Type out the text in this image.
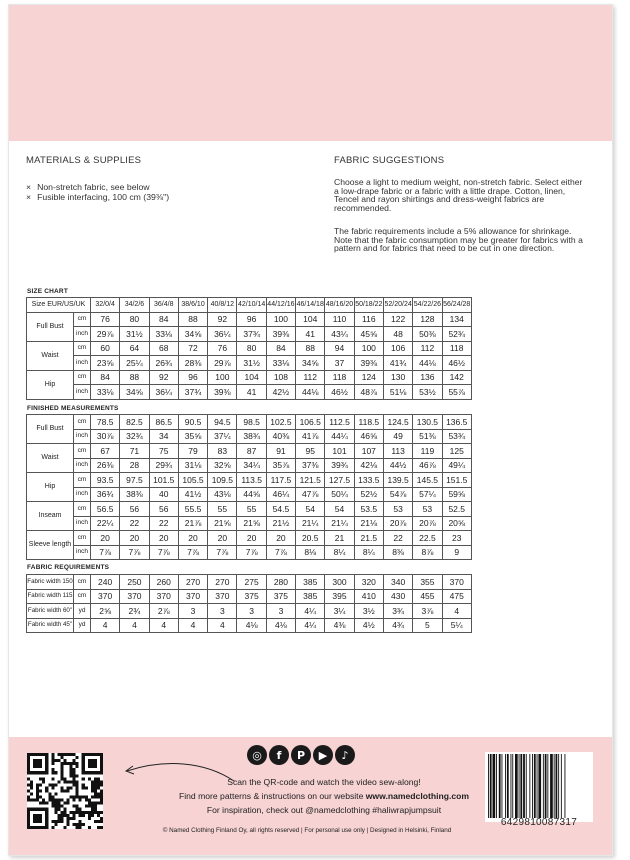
MATERIALS & SUPPLIES
× Non-stretch fabric, see below
× Fusible interfacing, 100 cm (39⅜")
FABRIC SUGGESTIONS

Choose a light to medium weight, non-stretch fabric. Select either a low-drape fabric or a fabric with a little drape. Cotton, linen, Tencel and rayon shirtings and dress-weight fabrics are recommended.

The fabric requirements include a 5% allowance for shrinkage. Note that the fabric consumption may be greater for fabrics with a pattern and for fabrics that need to be cut in one direction.

SIZE CHART
Size EUR/US/UK		32/0/4	34/2/6	36/4/8	38/6/10	40/8/12	42/10/14	44/12/16	46/14/18	48/16/20	50/18/22	52/20/24	54/22/26	56/24/28
Full Bust	cm	76	80	84	88	92	96	100	104	110	116	122	128	134
	inch	29⅞	31½	33⅛	34⅝	36¼	37¾	39⅜	41	43¼	45⅝	48	50⅜	52¾
Waist	cm	60	64	68	72	76	80	84	88	94	100	106	112	118
	inch	23⅝	25¼	26¾	28⅜	29⅞	31½	33⅛	34⅝	37	39⅜	41¾	44⅛	46½
Hip	cm	84	88	92	96	100	104	108	112	118	124	130	136	142
	inch	33⅛	34⅝	36¼	37¾	39⅜	41	42½	44⅛	46½	48⅞	51⅛	53½	55⅞
FINISHED MEASUREMENTS
Full Bust	cm	78.5	82.5	86.5	90.5	94.5	98.5	102.5	106.5	112.5	118.5	124.5	130.5	136.5
	inch	30⅞	32¾	34	35⅝	37¼	38¾	40⅜	41⅞	44¼	46⅝	49	51⅜	53¾
Waist	cm	67	71	75	79	83	87	91	95	101	107	113	119	125
	inch	26⅜	28	29¾	31⅛	32⅝	34¼	35⅞	37⅜	39¾	42⅛	44½	46⅞	49¼
Hip	cm	93.5	97.5	101.5	105.5	109.5	113.5	117.5	121.5	127.5	133.5	139.5	145.5	151.5
	inch	36¾	38⅜	40	41½	43⅛	44⅝	46¼	47⅞	50¼	52½	54⅞	57¼	59⅝
Inseam	cm	56.5	56	56	55.5	55	55	54.5	54	54	53.5	53	53	52.5
	inch	22¼	22	22	21⅞	21⅝	21⅝	21½	21¼	21¼	21⅛	20⅞	20⅞	20⅝
Sleeve length	cm	20	20	20	20	20	20	20	20.5	21	21.5	22	22.5	23
	inch	7⅞	7⅞	7⅞	7⅞	7⅞	7⅞	7⅞	8⅛	8¼	8¼	8⅜	8⅞	9
FABRIC REQUIREMENTS
Fabric width 150	cm	240	250	260	270	270	275	280	385	300	320	340	355	370
Fabric width 115	cm	370	370	370	370	370	375	375	385	395	410	430	455	475
Fabric width 60"	yd	2⅝	2¾	2⅞	3	3	3	3	4¼	3¼	3½	3¾	3⅞	4
Fabric width 45"	yd	4	4	4	4	4	4⅛	4⅛	4¼	4⅜	4½	4¾	5	5¼
◎	f	P	▶	♪
Scan the QR-code and watch the video sew-along!
Find more patterns & instructions on our website www.namedclothing.com
For inspiration, check out @namedclothing #haliwrapjumpsuit
© Named Clothing Finland Oy, all rights reserved | For personal use only | Designed in Helsinki, Finland
6429810087317
